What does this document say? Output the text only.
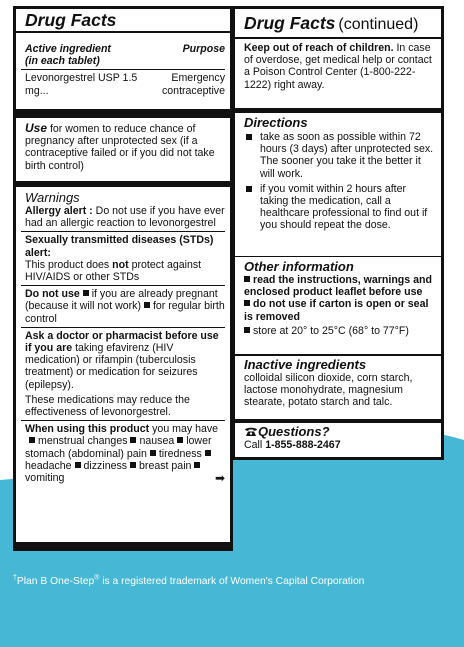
Drug Facts
Active ingredient
(in each tablet)
Purpose
Levonorgestrel USP 1.5 mg...
Emergency contraceptive
Use for women to reduce chance of pregnancy after unprotected sex (if a contraceptive failed or if you did not take birth control)
Warnings
Allergy alert : Do not use if you have ever had an allergic reaction to levonorgestrel
Sexually transmitted diseases (STDs) alert:
This product does not protect against HIV/AIDS or other STDs
Do not use if you are already pregnant (because it will not work) for regular birth control
Ask a doctor or pharmacist before use if you are taking efavirenz (HIV medication) or rifampin (tuberculosis treatment) or medication for seizures (epilepsy).
These medications may reduce the effectiveness of levonorgestrel.
When using this product you may have menstrual changes nausea lower stomach (abdominal) pain tiredness headache dizziness breast pain vomiting	➡
Drug Facts (continued)
Keep out of reach of children. In case of overdose, get medical help or contact a Poison Control Center (1-800-222-1222) right away.
Directions
take as soon as possible within 72 hours (3 days) after unprotected sex. The sooner you take it the better it will work.
if you vomit within 2 hours after taking the medication, call a healthcare professional to find out if you should repeat the dose.
Other information
read the instructions, warnings and enclosed product leaflet before use
do not use if carton is open or seal is removed
store at 20° to 25°C (68° to 77°F)
Inactive ingredients
colloidal silicon dioxide, corn starch, lactose monohydrate, magnesium stearate, potato starch and talc.
Questions?
Call 1-855-888-2467
†Plan B One-Step® is a registered trademark of Women's Capital Corporation
